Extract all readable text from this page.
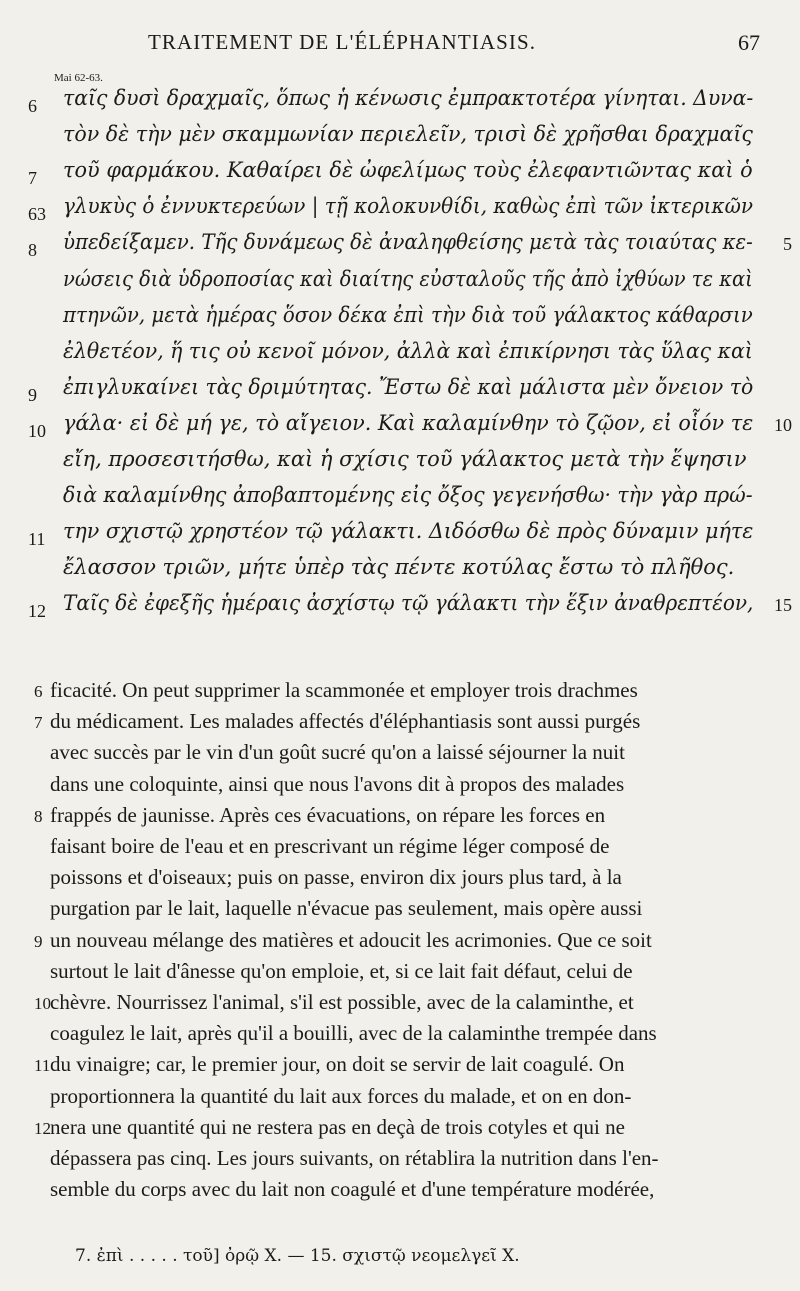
TRAITEMENT DE L'ÉLÉPHANTIASIS.	67
Mai 62-63.
6 ταῖς δυσὶ δραχμαῖς, ὅπως ἡ κένωσις ἐμπρακτοτέρα γίνηται. Δυνα-
τὸν δὲ τὴν μὲν σκαμμωνίαν περιελεῖν, τρισὶ δὲ χρῆσθαι δραχμαῖς
7 τοῦ φαρμάκου. Καθαίρει δὲ ὠφελίμως τοὺς ἐλεφαντιῶντας καὶ ὁ
63 γλυκὺς ὁ ἐννυκτερεύων | τῇ κολοκυνθίδι, καθὼς ἐπὶ τῶν ἰκτερικῶν
8 ὑπεδείξαμεν. Τῆς δυνάμεως δὲ ἀναληφθείσης μετὰ τὰς τοιαύτας κε- 5
νώσεις διὰ ὑδροποσίας καὶ διαίτης εὐσταλοῦς τῆς ἀπὸ ἰχθύων τε καὶ
πτηνῶν, μετὰ ἡμέρας ὅσον δέκα ἐπὶ τὴν διὰ τοῦ γάλακτος κάθαρσιν
ἐλθετέον, ἥ τις οὐ κενοῖ μόνον, ἀλλὰ καὶ ἐπικίρνησι τὰς ὕλας καὶ
9 ἐπιγλυκαίνει τὰς δριμύτητας. Ἔστω δὲ καὶ μάλιστα μὲν ὄνειον τὸ
10 γάλα· εἰ δὲ μή γε, τὸ αἴγειον. Καὶ καλαμίνθην τὸ ζῷον, εἰ οἷόν τε 10
εἴη, προσεσιτήσθω, καὶ ἡ σχίσις τοῦ γάλακτος μετὰ τὴν ἕψησιν
διὰ καλαμίνθης ἀποβαπτομένης εἰς ὄξος γεγενήσθω· τὴν γὰρ πρώ-
11 την σχιστῷ χρηστέον τῷ γάλακτι. Διδόσθω δὲ πρὸς δύναμιν μήτε
ἔλασσον τριῶν, μήτε ὑπὲρ τὰς πέντε κοτύλας ἔστω τὸ πλῆθος.
12 Ταῖς δὲ ἐφεξῆς ἡμέραις ἀσχίστῳ τῷ γάλακτι τὴν ἕξιν ἀναθρεπτέον, 15
6 ficacité. On peut supprimer la scammonée et employer trois drachmes
7 du médicament. Les malades affectés d'éléphantiasis sont aussi purgés
avec succès par le vin d'un goût sucré qu'on a laissé séjourner la nuit
dans une coloquinte, ainsi que nous l'avons dit à propos des malades
8 frappés de jaunisse. Après ces évacuations, on répare les forces en
faisant boire de l'eau et en prescrivant un régime léger composé de
poissons et d'oiseaux; puis on passe, environ dix jours plus tard, à la
purgation par le lait, laquelle n'évacue pas seulement, mais opère aussi
9 un nouveau mélange des matières et adoucit les acrimonies. Que ce soit
surtout le lait d'ânesse qu'on emploie, et, si ce lait fait défaut, celui de
10 chèvre. Nourrissez l'animal, s'il est possible, avec de la calaminthe, et
coagulez le lait, après qu'il a bouilli, avec de la calaminthe trempée dans
11 du vinaigre; car, le premier jour, on doit se servir de lait coagulé. On
proportionnera la quantité du lait aux forces du malade, et on en don-
12 nera une quantité qui ne restera pas en deçà de trois cotyles et qui ne
dépassera pas cinq. Les jours suivants, on rétablira la nutrition dans l'en-
semble du corps avec du lait non coagulé et d'une température modérée,
7. ἐπὶ . . . . . τοῦ] ὀρῷ X. — 15. σχιστῷ νεομελγεῖ X.
